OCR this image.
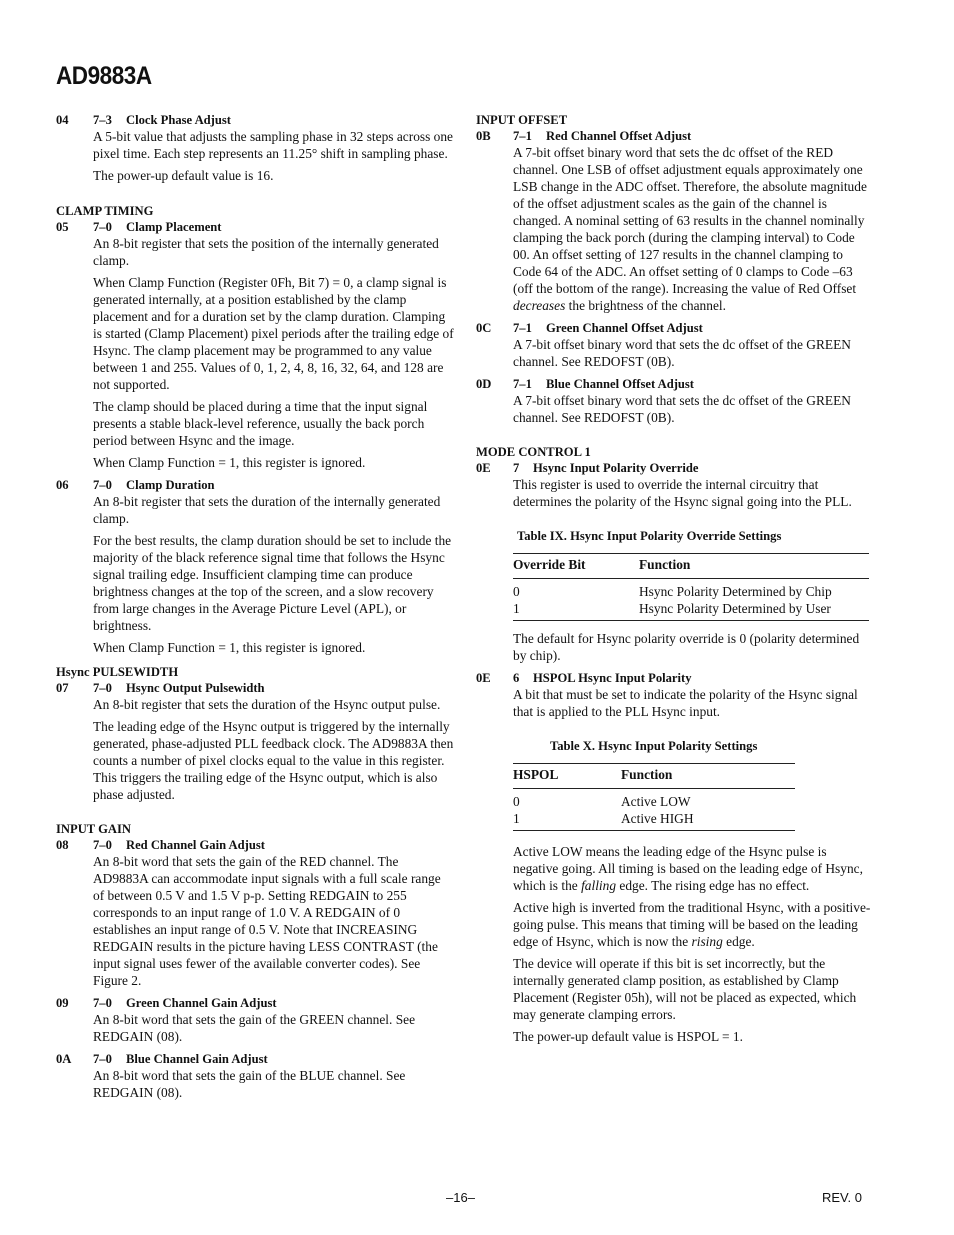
AD9883A
04	7–3	Clock Phase Adjust

A 5-bit value that adjusts the sampling phase in 32 steps across one pixel time. Each step represents an 11.25° shift in sampling phase.

The power-up default value is 16.

CLAMP TIMING
05	7–0	Clamp Placement

An 8-bit register that sets the position of the internally generated clamp.

When Clamp Function (Register 0Fh, Bit 7) = 0, a clamp signal is generated internally, at a position established by the clamp placement and for a duration set by the clamp duration. Clamping is started (Clamp Placement) pixel periods after the trailing edge of Hsync. The clamp placement may be programmed to any value between 1 and 255. Values of 0, 1, 2, 4, 8, 16, 32, 64, and 128 are not supported.

The clamp should be placed during a time that the input signal presents a stable black-level reference, usually the back porch period between Hsync and the image.

When Clamp Function = 1, this register is ignored.

06	7–0	Clamp Duration

An 8-bit register that sets the duration of the internally generated clamp.

For the best results, the clamp duration should be set to include the majority of the black reference signal time that follows the Hsync signal trailing edge. Insufficient clamping time can produce brightness changes at the top of the screen, and a slow recovery from large changes in the Average Picture Level (APL), or brightness.

When Clamp Function = 1, this register is ignored.

Hsync PULSEWIDTH
07	7–0	Hsync Output Pulsewidth

An 8-bit register that sets the duration of the Hsync output pulse.

The leading edge of the Hsync output is triggered by the internally generated, phase-adjusted PLL feedback clock. The AD9883A then counts a number of pixel clocks equal to the value in this register. This triggers the trailing edge of the Hsync output, which is also phase adjusted.

INPUT GAIN
08	7–0	Red Channel Gain Adjust

An 8-bit word that sets the gain of the RED channel. The AD9883A can accommodate input signals with a full scale range of between 0.5 V and 1.5 V p-p. Setting REDGAIN to 255 corresponds to an input range of 1.0 V. A REDGAIN of 0 establishes an input range of 0.5 V. Note that INCREASING REDGAIN results in the picture having LESS CONTRAST (the input signal uses fewer of the available converter codes). See Figure 2.

09	7–0	Green Channel Gain Adjust

An 8-bit word that sets the gain of the GREEN channel. See REDGAIN (08).

0A	7–0	Blue Channel Gain Adjust

An 8-bit word that sets the gain of the BLUE channel. See REDGAIN (08).

INPUT OFFSET
0B	7–1	Red Channel Offset Adjust

A 7-bit offset binary word that sets the dc offset of the RED channel. One LSB of offset adjustment equals approximately one LSB change in the ADC offset. Therefore, the absolute magnitude of the offset adjustment scales as the gain of the channel is changed. A nominal setting of 63 results in the channel nominally clamping the back porch (during the clamping interval) to Code 00. An offset setting of 127 results in the channel clamping to Code 64 of the ADC. An offset setting of 0 clamps to Code –63 (off the bottom of the range). Increasing the value of Red Offset decreases the brightness of the channel.

0C	7–1	Green Channel Offset Adjust

A 7-bit offset binary word that sets the dc offset of the GREEN channel. See REDOFST (0B).

0D	7–1	Blue Channel Offset Adjust

A 7-bit offset binary word that sets the dc offset of the GREEN channel. See REDOFST (0B).

MODE CONTROL 1
0E	7	Hsync Input Polarity Override

This register is used to override the internal circuitry that determines the polarity of the Hsync signal going into the PLL.

Table IX. Hsync Input Polarity Override Settings
Override Bit	Function
0	Hsync Polarity Determined by Chip
1	Hsync Polarity Determined by User

The default for Hsync polarity override is 0 (polarity determined by chip).

0E	6	HSPOL Hsync Input Polarity

A bit that must be set to indicate the polarity of the Hsync signal that is applied to the PLL Hsync input.

Table X. Hsync Input Polarity Settings
HSPOL	Function
0	Active LOW
1	Active HIGH

Active LOW means the leading edge of the Hsync pulse is negative going. All timing is based on the leading edge of Hsync, which is the falling edge. The rising edge has no effect.

Active high is inverted from the traditional Hsync, with a positive-going pulse. This means that timing will be based on the leading edge of Hsync, which is now the rising edge.

The device will operate if this bit is set incorrectly, but the internally generated clamp position, as established by Clamp Placement (Register 05h), will not be placed as expected, which may generate clamping errors.

The power-up default value is HSPOL = 1.

–16–	REV. 0
